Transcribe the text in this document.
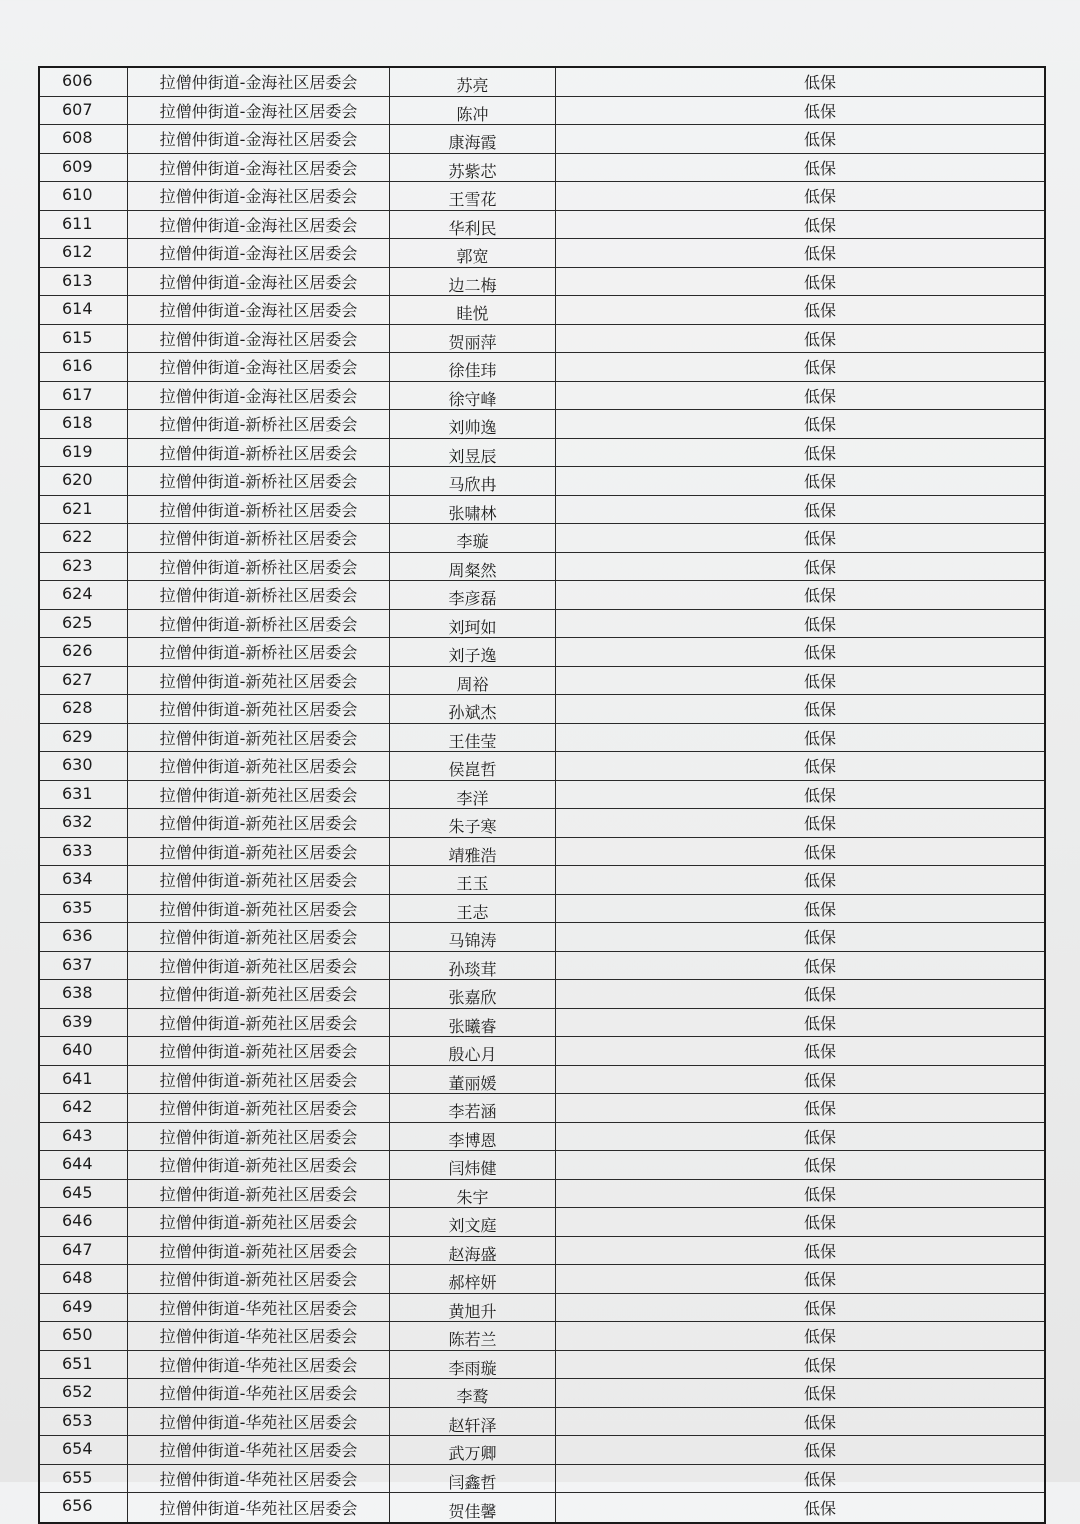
606	拉僧仲街道-金海社区居委会	苏亮	低保
607	拉僧仲街道-金海社区居委会	陈冲	低保
608	拉僧仲街道-金海社区居委会	康海霞	低保
609	拉僧仲街道-金海社区居委会	苏紫芯	低保
610	拉僧仲街道-金海社区居委会	王雪花	低保
611	拉僧仲街道-金海社区居委会	华利民	低保
612	拉僧仲街道-金海社区居委会	郭宽	低保
613	拉僧仲街道-金海社区居委会	边二梅	低保
614	拉僧仲街道-金海社区居委会	眭悦	低保
615	拉僧仲街道-金海社区居委会	贺丽萍	低保
616	拉僧仲街道-金海社区居委会	徐佳玮	低保
617	拉僧仲街道-金海社区居委会	徐守峰	低保
618	拉僧仲街道-新桥社区居委会	刘帅逸	低保
619	拉僧仲街道-新桥社区居委会	刘昱辰	低保
620	拉僧仲街道-新桥社区居委会	马欣冉	低保
621	拉僧仲街道-新桥社区居委会	张啸林	低保
622	拉僧仲街道-新桥社区居委会	李璇	低保
623	拉僧仲街道-新桥社区居委会	周粲然	低保
624	拉僧仲街道-新桥社区居委会	李彦磊	低保
625	拉僧仲街道-新桥社区居委会	刘珂如	低保
626	拉僧仲街道-新桥社区居委会	刘子逸	低保
627	拉僧仲街道-新苑社区居委会	周裕	低保
628	拉僧仲街道-新苑社区居委会	孙斌杰	低保
629	拉僧仲街道-新苑社区居委会	王佳莹	低保
630	拉僧仲街道-新苑社区居委会	侯崑哲	低保
631	拉僧仲街道-新苑社区居委会	李洋	低保
632	拉僧仲街道-新苑社区居委会	朱子寒	低保
633	拉僧仲街道-新苑社区居委会	靖雅浩	低保
634	拉僧仲街道-新苑社区居委会	王玉	低保
635	拉僧仲街道-新苑社区居委会	王志	低保
636	拉僧仲街道-新苑社区居委会	马锦涛	低保
637	拉僧仲街道-新苑社区居委会	孙琰茸	低保
638	拉僧仲街道-新苑社区居委会	张嘉欣	低保
639	拉僧仲街道-新苑社区居委会	张曦睿	低保
640	拉僧仲街道-新苑社区居委会	殷心月	低保
641	拉僧仲街道-新苑社区居委会	董丽媛	低保
642	拉僧仲街道-新苑社区居委会	李若涵	低保
643	拉僧仲街道-新苑社区居委会	李博恩	低保
644	拉僧仲街道-新苑社区居委会	闫炜健	低保
645	拉僧仲街道-新苑社区居委会	朱宇	低保
646	拉僧仲街道-新苑社区居委会	刘文庭	低保
647	拉僧仲街道-新苑社区居委会	赵海盛	低保
648	拉僧仲街道-新苑社区居委会	郝梓妍	低保
649	拉僧仲街道-华苑社区居委会	黄旭升	低保
650	拉僧仲街道-华苑社区居委会	陈若兰	低保
651	拉僧仲街道-华苑社区居委会	李雨璇	低保
652	拉僧仲街道-华苑社区居委会	李鹜	低保
653	拉僧仲街道-华苑社区居委会	赵轩泽	低保
654	拉僧仲街道-华苑社区居委会	武万卿	低保
655	拉僧仲街道-华苑社区居委会	闫鑫哲	低保
656	拉僧仲街道-华苑社区居委会	贺佳馨	低保
